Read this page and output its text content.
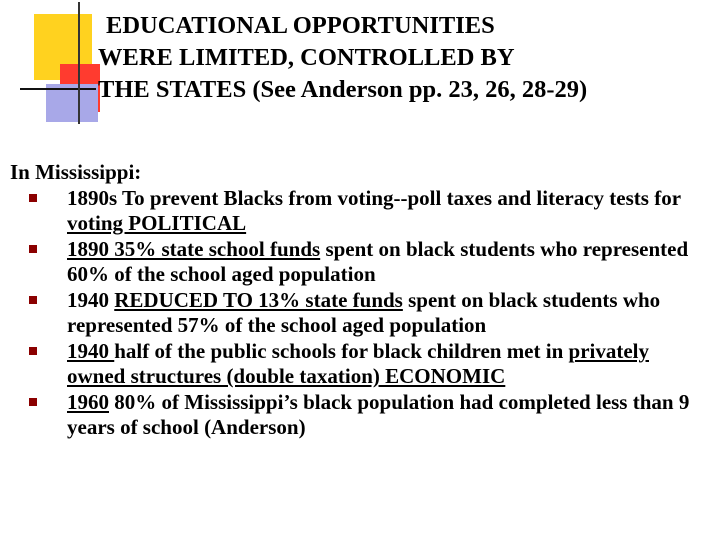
EDUCATIONAL OPPORTUNITIES
WERE LIMITED, CONTROLLED BY
THE STATES (See Anderson pp. 23, 26, 28-29)
In Mississippi:
1890s To prevent Blacks from voting--poll taxes and literacy tests for voting POLITICAL
1890 35% state school funds spent on black students who represented 60% of the school aged population
1940 REDUCED TO 13% state funds spent on black students who represented 57% of the school aged population
1940 half of the public schools for black children met in privately owned structures (double taxation) ECONOMIC
1960 80% of Mississippi’s black population had completed less than 9 years of school (Anderson)
